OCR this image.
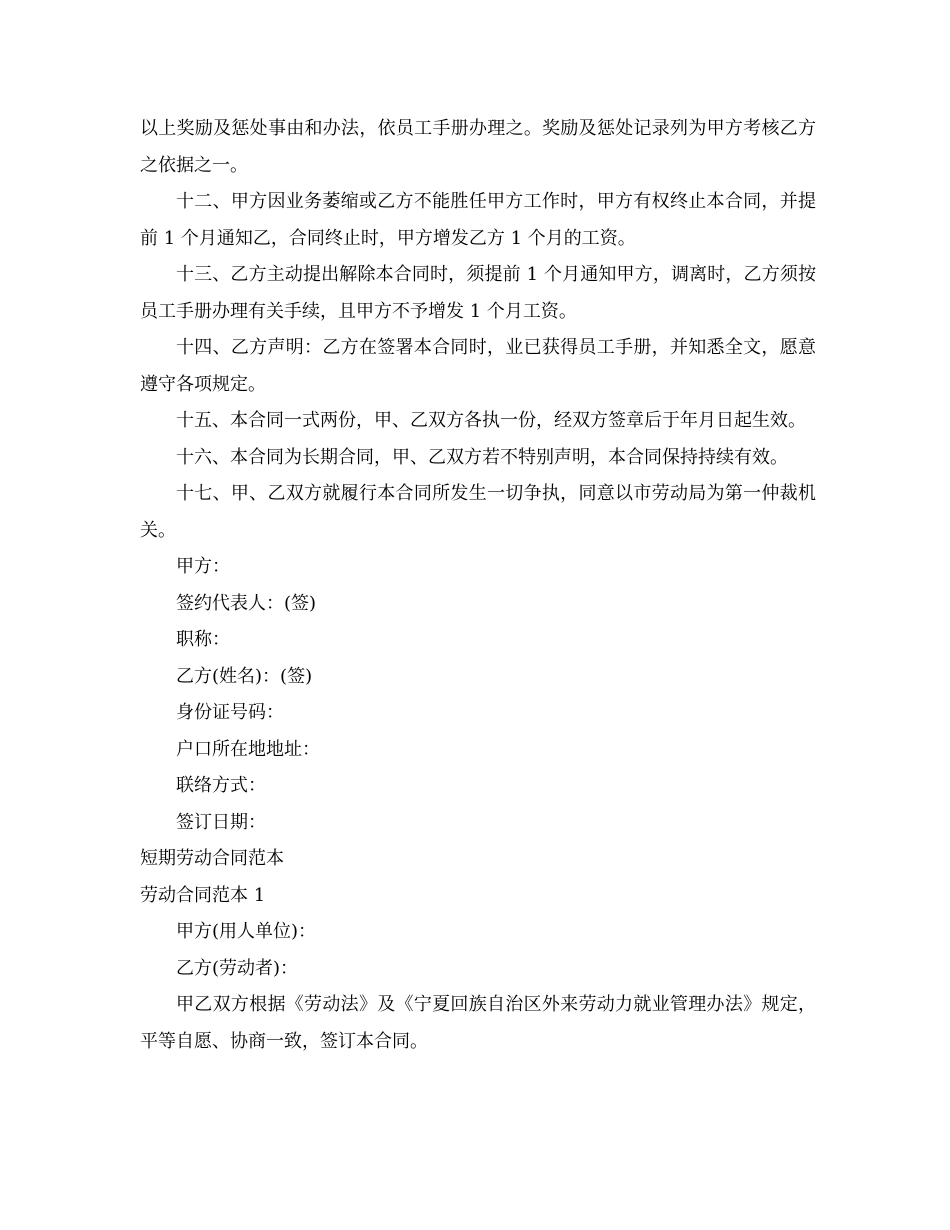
以上奖励及惩处事由和办法，依员工手册办理之。奖励及惩处记录列为甲方考核乙方之依据之一。

十二、甲方因业务萎缩或乙方不能胜任甲方工作时，甲方有权终止本合同，并提前 1 个月通知乙，合同终止时，甲方增发乙方 1 个月的工资。

十三、乙方主动提出解除本合同时，须提前 1 个月通知甲方，调离时，乙方须按员工手册办理有关手续，且甲方不予增发 1 个月工资。

十四、乙方声明：乙方在签署本合同时，业已获得员工手册，并知悉全文，愿意遵守各项规定。

十五、本合同一式两份，甲、乙双方各执一份，经双方签章后于年月日起生效。

十六、本合同为长期合同，甲、乙双方若不特别声明，本合同保持持续有效。

十七、甲、乙双方就履行本合同所发生一切争执，同意以市劳动局为第一仲裁机关。

甲方：

签约代表人：(签)

职称：

乙方(姓名)：(签)

身份证号码：

户口所在地地址：

联络方式：

签订日期：

短期劳动合同范本

劳动合同范本 1

甲方(用人单位)：

乙方(劳动者)：

甲乙双方根据《劳动法》及《宁夏回族自治区外来劳动力就业管理办法》规定，平等自愿、协商一致，签订本合同。
